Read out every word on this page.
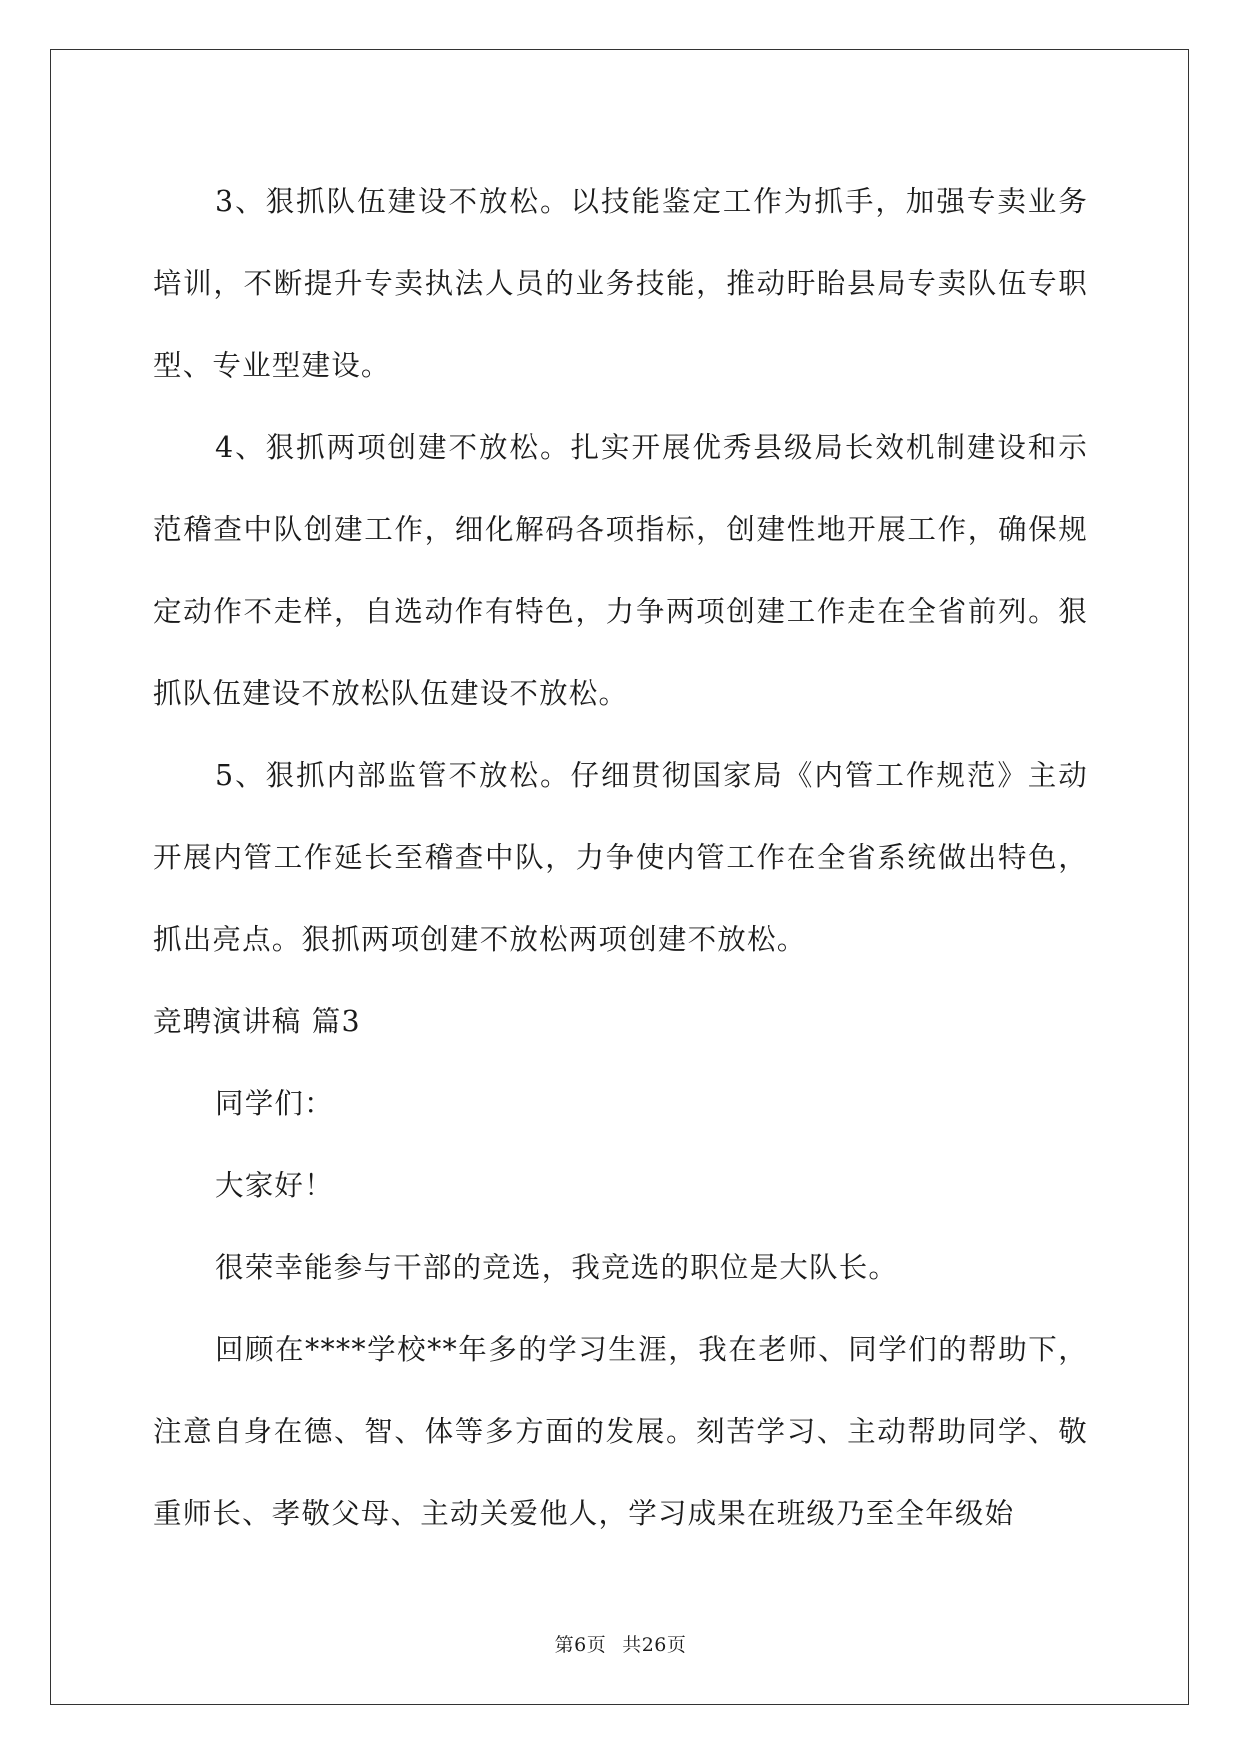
3、狠抓队伍建设不放松。以技能鉴定工作为抓手，加强专卖业务培训，不断提升专卖执法人员的业务技能，推动盱眙县局专卖队伍专职型、专业型建设。

4、狠抓两项创建不放松。扎实开展优秀县级局长效机制建设和示范稽查中队创建工作，细化解码各项指标，创建性地开展工作，确保规定动作不走样，自选动作有特色，力争两项创建工作走在全省前列。狠抓队伍建设不放松队伍建设不放松。

5、狠抓内部监管不放松。仔细贯彻国家局《内管工作规范》主动开展内管工作延长至稽查中队，力争使内管工作在全省系统做出特色，抓出亮点。狠抓两项创建不放松两项创建不放松。

竞聘演讲稿 篇3

同学们：

大家好！

很荣幸能参与干部的竞选，我竞选的职位是大队长。

回顾在****学校**年多的学习生涯，我在老师、同学们的帮助下，注意自身在德、智、体等多方面的发展。刻苦学习、主动帮助同学、敬重师长、孝敬父母、主动关爱他人，学习成果在班级乃至全年级始

第6页 共26页
